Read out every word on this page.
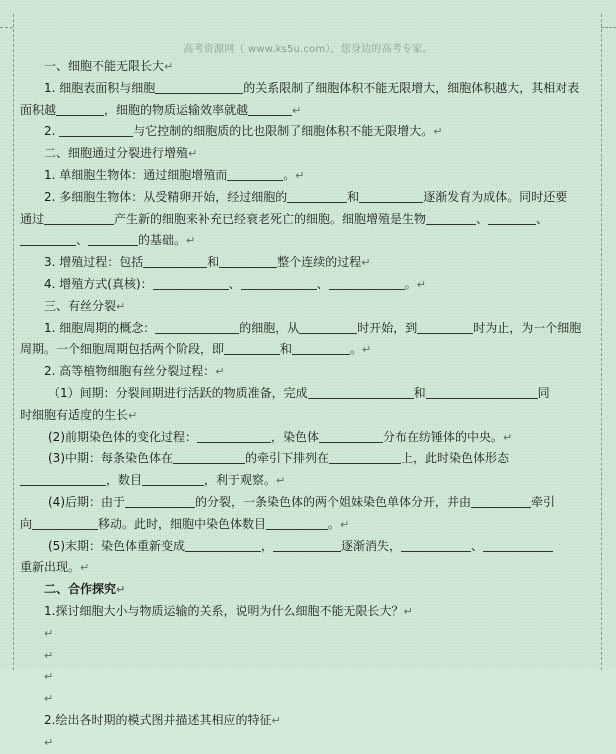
高考资源网（ www.ks5u.com），您身边的高考专家。
一、细胞不能无限长大↵
1. 细胞表面积与细胞	的关系限制了细胞体积不能无限增大，细胞体积越大，其相对表
面积越	，细胞的物质运输效率就越	↵
2.	与它控制的细胞质的比也限制了细胞体积不能无限增大。↵
二、细胞通过分裂进行增殖↵
1. 单细胞生物体：通过细胞增殖而	。↵
2. 多细胞生物体：从受精卵开始，经过细胞的	和	逐渐发育为成体。同时还要
通过	产生新的细胞来补充已经衰老死亡的细胞。细胞增殖是生物	、	、
、	的基础。↵
3. 增殖过程：包括	和	整个连续的过程↵
4. 增殖方式(真核)：	、	、	。↵
三、有丝分裂↵
1. 细胞周期的概念：	的细胞，从	时开始，到	时为止，为一个细胞
周期。一个细胞周期包括两个阶段，即	和	。↵
2. 高等植物细胞有丝分裂过程：↵
（1）间期：分裂间期进行活跃的物质准备，完成	和	同
时细胞有适度的生长↵
(2)前期染色体的变化过程：	，染色体	分布在纺锤体的中央。↵
(3)中期：每条染色体在	的牵引下排列在	上，此时染色体形态
，数目	，利于观察。↵
(4)后期：由于	的分裂，一条染色体的两个姐妹染色单体分开，并由	牵引
向	移动。此时，细胞中染色体数目	。↵
(5)末期：染色体重新变成	，	逐渐消失，	、
重新出现。↵
二、合作探究↵
1.探讨细胞大小与物质运输的关系，说明为什么细胞不能无限长大？↵
↵
↵
↵
↵
2.绘出各时期的模式图并描述其相应的特征↵
↵
